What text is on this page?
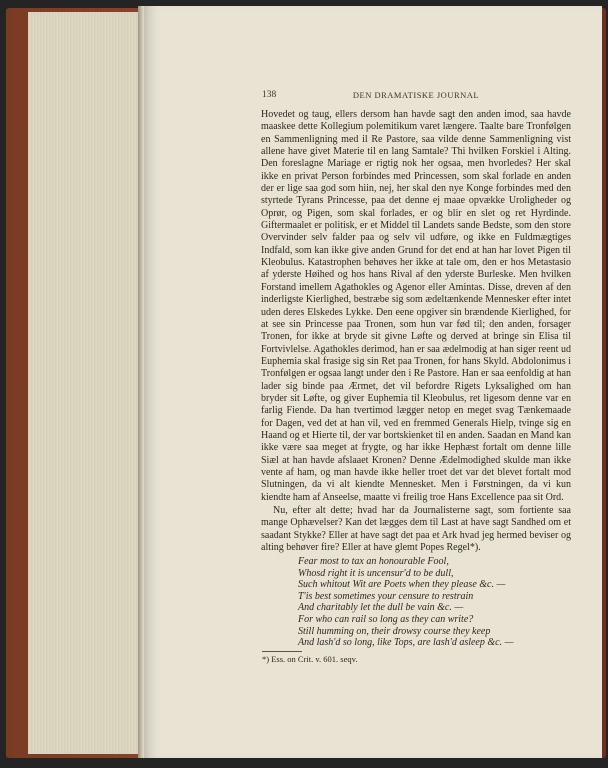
138	DEN DRAMATISKE JOURNAL

Hovedet og taug, ellers dersom han havde sagt den anden imod, saa havde maaskee dette Kollegium polemitikum varet længere. Taalte bare Tronfølgen en Sammenligning med il Re Pastore, saa vilde denne Sammenligning vist allene have givet Materie til en lang Samtale? Thi hvilken Forskiel i Alting. Den foreslagne Mariage er rigtig nok her ogsaa, men hvorledes? Her skal ikke en privat Person forbindes med Princessen, som skal forlade en anden der er lige saa god som hiin, nej, her skal den nye Konge forbindes med den styrtede Tyrans Princesse, paa det denne ej maae opvække Uroligheder og Oprør, og Pigen, som skal forlades, er og blir en slet og ret Hyrdinde. Giftermaalet er politisk, er et Middel til Landets sande Bedste, som den store Overvinder selv falder paa og selv vil udføre, og ikke en Fuldmægtiges Indfald, som kan ikke give anden Grund for det end at han har lovet Pigen til Kleobulus. Katastrophen behøves her ikke at tale om, den er hos Metastasio af yderste Høihed og hos hans Rival af den yderste Burleske. Men hvilken Forstand imellem Agathokles og Agenor eller Amintas. Disse, dreven af den inderligste Kierlighed, bestræbe sig som ædeltænkende Mennesker efter intet uden deres Elskedes Lykke. Den eene opgiver sin brændende Kierlighed, for at see sin Princesse paa Tronen, som hun var fød til; den anden, forsager Tronen, for ikke at bryde sit givne Løfte og derved at bringe sin Elisa til Fortvivlelse. Agathokles derimod, han er saa ædelmodig at han siger reent ud Euphemia skal frasige sig sin Ret paa Tronen, for hans Skyld. Abdolonimus i Tronfølgen er ogsaa langt under den i Re Pastore. Han er saa eenfoldig at han lader sig binde paa Ærmet, det vil befordre Rigets Lyksalighed om han bryder sit Løfte, og giver Euphemia til Kleobulus, ret ligesom denne var en farlig Fiende. Da han tvertimod lægger netop en meget svag Tænkemaade for Dagen, ved det at han vil, ved en fremmed Generals Hielp, tvinge sig en Haand og et Hierte til, der var bortskienket til en anden. Saadan en Mand kan ikke være saa meget at frygte, og har ikke Hephæst fortalt om denne lille Siæl at han havde afslaaet Kronen? Denne Ædelmodighed skulde man ikke vente af ham, og man havde ikke heller troet det var det blevet fortalt mod Slutningen, da vi alt kiendte Mennesket. Men i Førstningen, da vi kun kiendte ham af Anseelse, maatte vi freilig troe Hans Excellence paa sit Ord.

Nu, efter alt dette; hvad har da Journalisterne sagt, som fortiente saa mange Ophævelser? Kan det lægges dem til Last at have sagt Sandhed om et saadant Stykke? Eller at have sagt det paa et Ark hvad jeg hermed beviser og alting behøver fire? Eller at have glemt Popes Regel*).

Fear most to tax an honourable Fool,
Whosd right it is uncensur'd to be dull,
Such whitout Wit are Poets when they please &c. —
T'is best sometimes your censure to restrain
And charitably let the dull be vain &c. —
For who can rail so long as they can write?
Still humming on, their drowsy course they keep
And lash'd so long, like Tops, are lash'd asleep &c. —
*) Ess. on Crit. v. 601. seqv.
